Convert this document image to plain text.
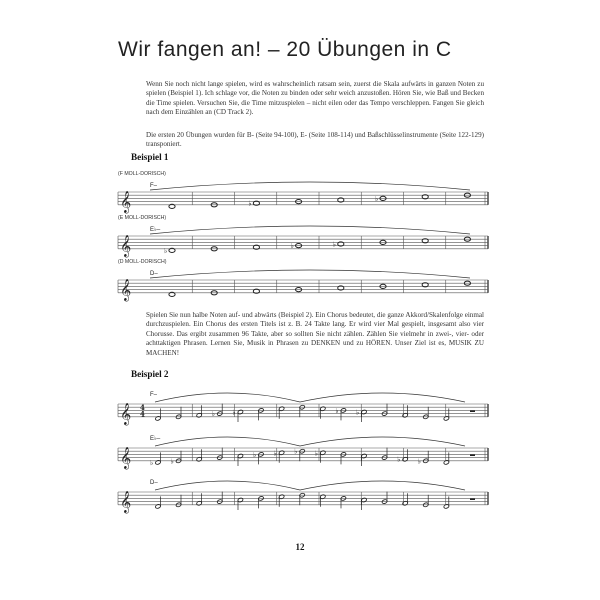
Wir fangen an! – 20 Übungen in C
Wenn Sie noch nicht lange spielen, wird es wahrscheinlich ratsam sein, zuerst die Skala aufwärts in ganzen Noten zu spielen (Beispiel 1). Ich schlage vor, die Noten zu binden oder sehr weich anzustoßen. Hören Sie, wie Baß und Becken die Time spielen. Versuchen Sie, die Time mitzuspielen – nicht eilen oder das Tempo verschleppen. Fangen Sie gleich nach dem Einzählen an (CD Track 2).
Die ersten 20 Übungen wurden für B- (Seite 94-100), E- (Seite 108-114) und Baßschlüsselinstrumente (Seite 122-129) transponiert.
Beispiel 1
(F MOLL-DORISCH)
(E MOLL-DORISCH)
(D MOLL-DORISCH)
Spielen Sie nun halbe Noten auf- und abwärts (Beispiel 2). Ein Chorus bedeutet, die ganze Akkord/Skalenfolge einmal durchzuspielen. Ein Chorus des ersten Titels ist z. B. 24 Takte lang. Er wird vier Mal gespielt, insgesamt also vier Chorusse. Das ergibt zusammen 96 Takte, aber so sollten Sie nicht zählen. Zählen Sie vielmehr in zwei-, vier- oder achttaktigen Phrasen. Lernen Sie, Musik in Phrasen zu DENKEN und zu HÖREN. Unser Ziel ist es, MUSIK ZU MACHEN!
Beispiel 2
♭
♭
♭
♭	♭
♭ ♭	♭ ♭
♭ ♭
♭ ♭ ♭ ♭
♭ ♭
𝄞
F–
𝄞
E♭–
𝄞
D–
𝄞
F–
4
4
𝄞
E♭–
𝄞
D–
12
